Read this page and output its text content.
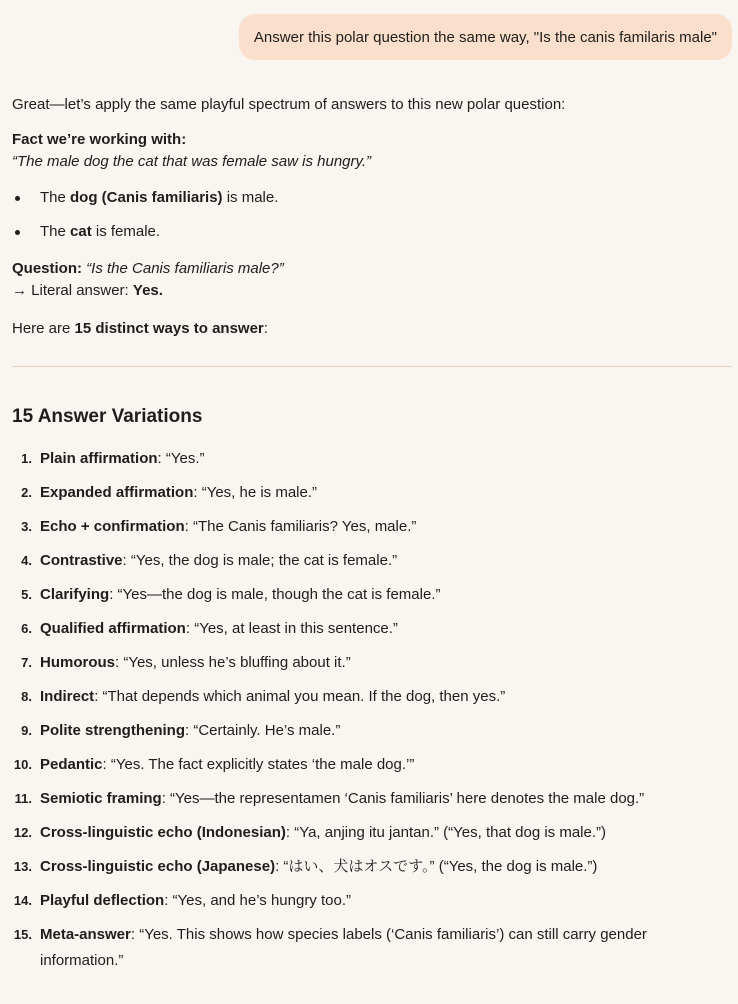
Answer this polar question the same way, "Is the canis familaris male"

Great—let’s apply the same playful spectrum of answers to this new polar question:

Fact we’re working with:

“The male dog the cat that was female saw is hungry.”

The dog (Canis familiaris) is male.
The cat is female.

Question: “Is the Canis familiaris male?”

→ Literal answer: Yes.

Here are 15 distinct ways to answer:

15 Answer Variations
1. Plain affirmation: “Yes.”
2. Expanded affirmation: “Yes, he is male.”
3. Echo + confirmation: “The Canis familiaris? Yes, male.”
4. Contrastive: “Yes, the dog is male; the cat is female.”
5. Clarifying: “Yes—the dog is male, though the cat is female.”
6. Qualified affirmation: “Yes, at least in this sentence.”
7. Humorous: “Yes, unless he’s bluffing about it.”
8. Indirect: “That depends which animal you mean. If the dog, then yes.”
9. Polite strengthening: “Certainly. He’s male.”
10. Pedantic: “Yes. The fact explicitly states ‘the male dog.’”
11. Semiotic framing: “Yes—the representamen ‘Canis familiaris’ here denotes the male dog.”
12. Cross-linguistic echo (Indonesian): “Ya, anjing itu jantan.” (“Yes, that dog is male.”)
13. Cross-linguistic echo (Japanese): “はい、犬はオスです。” (“Yes, the dog is male.”)
14. Playful deflection: “Yes, and he’s hungry too.”
15. Meta-answer: “Yes. This shows how species labels (‘Canis familiaris’) can still carry gender information.”
